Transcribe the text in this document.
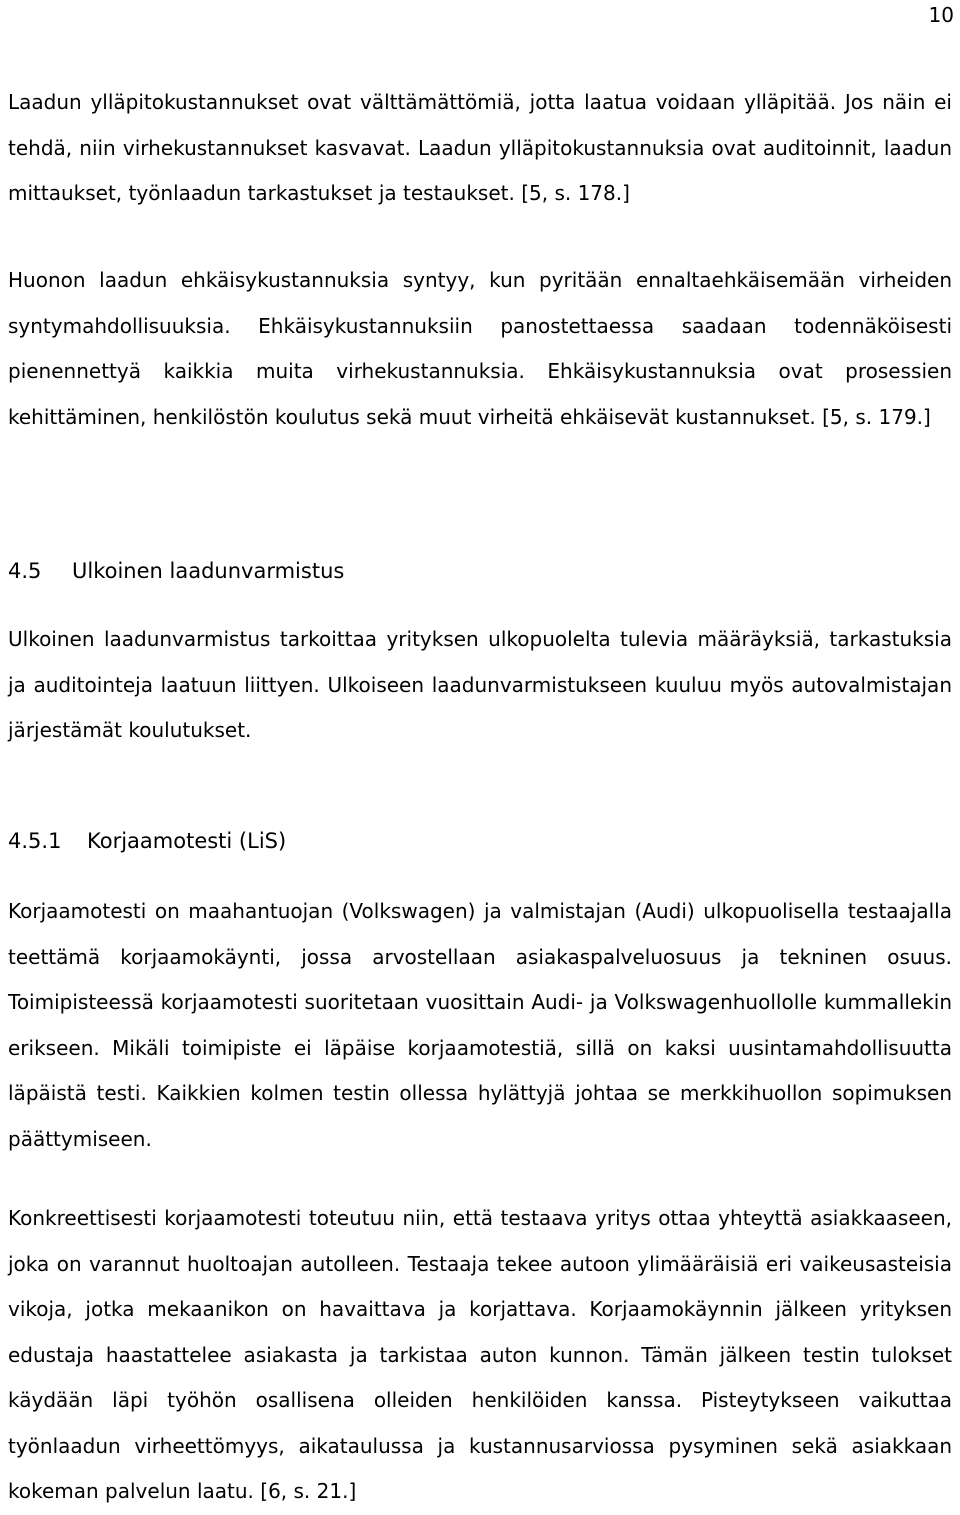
10

Laadun ylläpitokustannukset ovat välttämättömiä, jotta laatua voidaan ylläpitää. Jos näin ei tehdä, niin virhekustannukset kasvavat. Laadun ylläpitokustannuksia ovat auditoinnit, laadun mittaukset, työnlaadun tarkastukset ja testaukset. [5, s. 178.]

Huonon laadun ehkäisykustannuksia syntyy, kun pyritään ennaltaehkäisemään virheiden syntymahdollisuuksia. Ehkäisykustannuksiin panostettaessa saadaan todennäköisesti pienennettyä kaikkia muita virhekustannuksia. Ehkäisykustannuksia ovat prosessien kehittäminen, henkilöstön koulutus sekä muut virheitä ehkäisevät kustannukset. [5, s. 179.]

4.5 Ulkoinen laadunvarmistus

Ulkoinen laadunvarmistus tarkoittaa yrityksen ulkopuolelta tulevia määräyksiä, tarkastuksia ja auditointeja laatuun liittyen. Ulkoiseen laadunvarmistukseen kuuluu myös autovalmistajan järjestämät koulutukset.

4.5.1 Korjaamotesti (LiS)

Korjaamotesti on maahantuojan (Volkswagen) ja valmistajan (Audi) ulkopuolisella testaajalla teettämä korjaamokäynti, jossa arvostellaan asiakaspalveluosuus ja tekninen osuus. Toimipisteessä korjaamotesti suoritetaan vuosittain Audi- ja Volkswagenhuollolle kummallekin erikseen. Mikäli toimipiste ei läpäise korjaamotestiä, sillä on kaksi uusintamahdollisuutta läpäistä testi. Kaikkien kolmen testin ollessa hylättyjä johtaa se merkkihuollon sopimuksen päättymiseen.

Konkreettisesti korjaamotesti toteutuu niin, että testaava yritys ottaa yhteyttä asiakkaaseen, joka on varannut huoltoajan autolleen. Testaaja tekee autoon ylimääräisiä eri vaikeusasteisia vikoja, jotka mekaanikon on havaittava ja korjattava. Korjaamokäynnin jälkeen yrityksen edustaja haastattelee asiakasta ja tarkistaa auton kunnon. Tämän jälkeen testin tulokset käydään läpi työhön osallisena olleiden henkilöiden kanssa. Pisteytykseen vaikuttaa työnlaadun virheettömyys, aikataulussa ja kustannusarviossa pysyminen sekä asiakkaan kokeman palvelun laatu. [6, s. 21.]
